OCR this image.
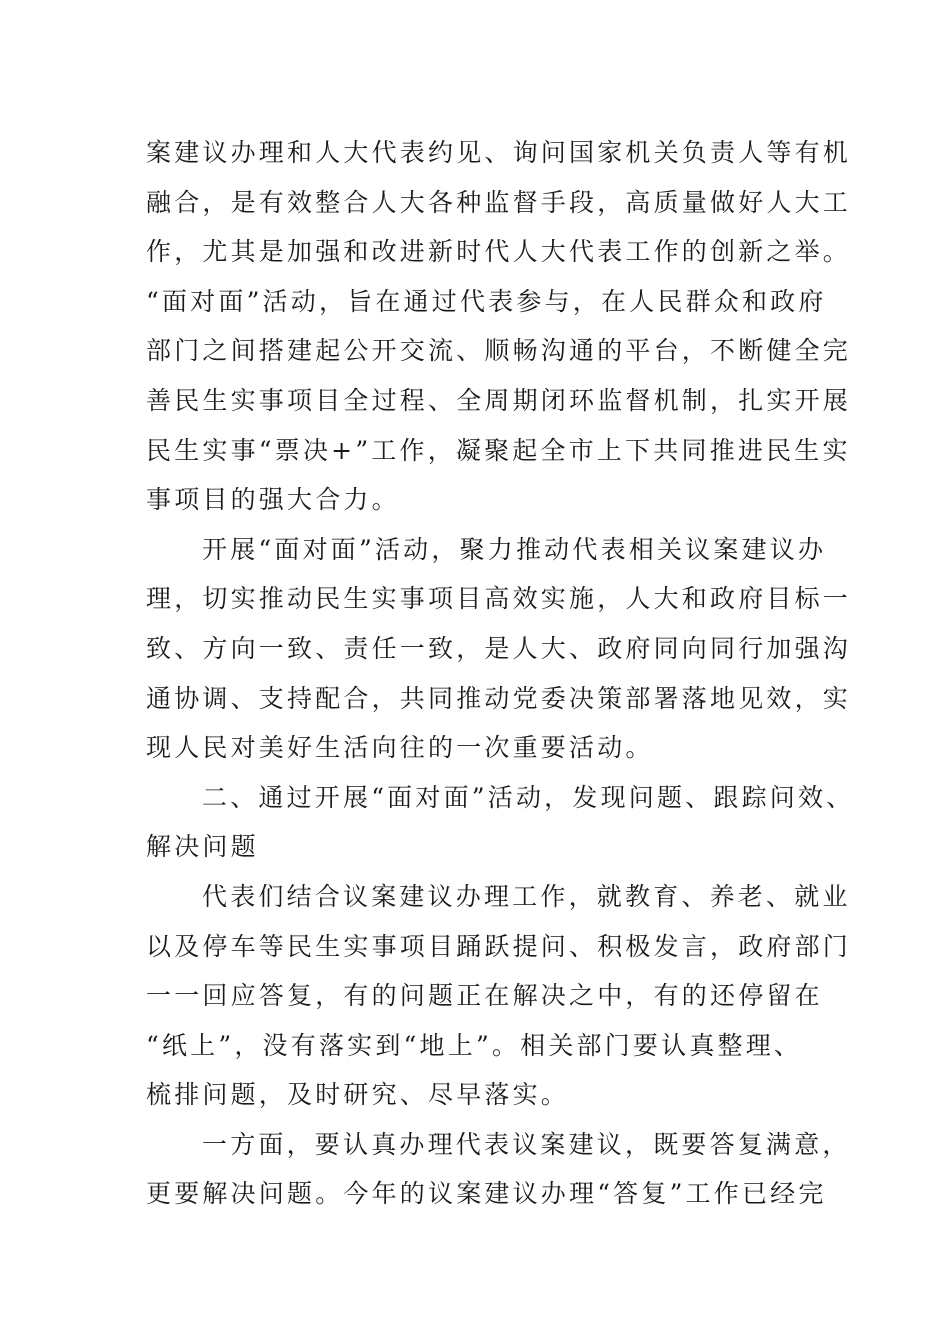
案建议办理和人大代表约见、询问国家机关负责人等有机
融合，是有效整合人大各种监督手段，高质量做好人大工
作，尤其是加强和改进新时代人大代表工作的创新之举。
“面对面”活动，旨在通过代表参与，在人民群众和政府
部门之间搭建起公开交流、顺畅沟通的平台，不断健全完
善民生实事项目全过程、全周期闭环监督机制，扎实开展
民生实事“票决+”工作，凝聚起全市上下共同推进民生实
事项目的强大合力。
开展“面对面”活动，聚力推动代表相关议案建议办
理，切实推动民生实事项目高效实施，人大和政府目标一
致、方向一致、责任一致，是人大、政府同向同行加强沟
通协调、支持配合，共同推动党委决策部署落地见效，实
现人民对美好生活向往的一次重要活动。
二、通过开展“面对面”活动，发现问题、跟踪问效、
解决问题
代表们结合议案建议办理工作，就教育、养老、就业
以及停车等民生实事项目踊跃提问、积极发言，政府部门
一一回应答复，有的问题正在解决之中，有的还停留在
“纸上”，没有落实到“地上”。相关部门要认真整理、
梳排问题，及时研究、尽早落实。
一方面，要认真办理代表议案建议，既要答复满意，
更要解决问题。今年的议案建议办理“答复”工作已经完
